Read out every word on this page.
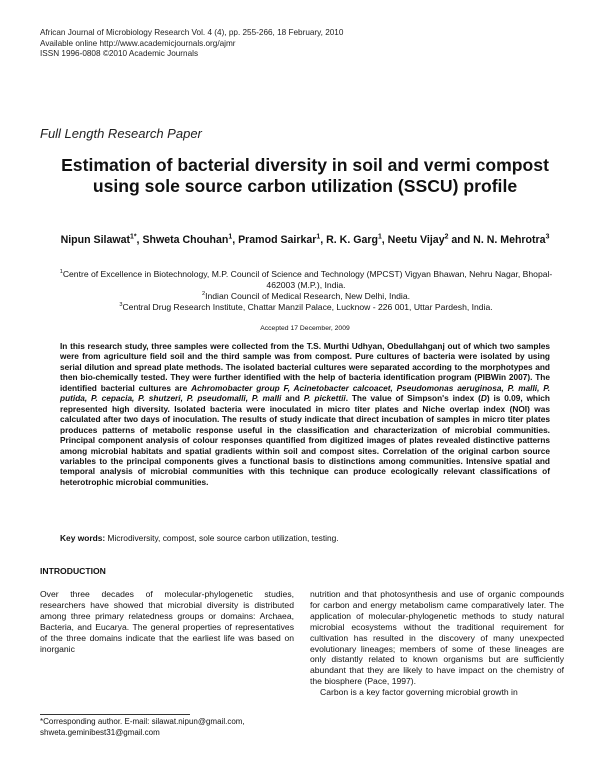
African Journal of Microbiology Research Vol. 4 (4), pp. 255-266, 18 February, 2010
Available online http://www.academicjournals.org/ajmr
ISSN 1996-0808 ©2010 Academic Journals
Full Length Research Paper
Estimation of bacterial diversity in soil and vermi compost using sole source carbon utilization (SSCU) profile
Nipun Silawat$^{1*}$, Shweta Chouhan$^1$, Pramod Sairkar$^1$, R. K. Garg$^1$, Neetu Vijay$^2$ and N. N. Mehrotra$^3$
$^1$Centre of Excellence in Biotechnology, M.P. Council of Science and Technology (MPCST) Vigyan Bhawan, Nehru Nagar, Bhopal-462003 (M.P.), India.
$^2$Indian Council of Medical Research, New Delhi, India.
$^3$Central Drug Research Institute, Chattar Manzil Palace, Lucknow - 226 001, Uttar Pardesh, India.
Accepted 17 December, 2009

In this research study, three samples were collected from the T.S. Murthi Udhyan, Obedullahganj out of which two samples were from agriculture field soil and the third sample was from compost. Pure cultures of bacteria were isolated by using serial dilution and spread plate methods. The isolated bacterial cultures were separated according to the morphotypes and then bio-chemically tested. They were further identified with the help of bacteria identification program (PIBWin 2007). The identified bacterial cultures are Achromobacter group F, Acinetobacter calcoacet, Pseudomonas aeruginosa, P. malli, P. putida, P. cepacia, P. shutzeri, P. pseudomalli, P. malli and P. pickettii. The value of Simpson's index (D) is 0.09, which represented high diversity. Isolated bacteria were inoculated in micro titer plates and Niche overlap index (NOI) was calculated after two days of inoculation. The results of study indicate that direct incubation of samples in micro titer plates produces patterns of metabolic response useful in the classification and characterization of microbial communities. Principal component analysis of colour responses quantified from digitized images of plates revealed distinctive patterns among microbial habitats and spatial gradients within soil and compost sites. Correlation of the original carbon source variables to the principal components gives a functional basis to distinctions among communities. Intensive spatial and temporal analysis of microbial communities with this technique can produce ecologically relevant classifications of heterotrophic microbial communities.

Key words: Microdiversity, compost, sole source carbon utilization, testing.
INTRODUCTION

Over three decades of molecular-phylogenetic studies, researchers have showed that microbial diversity is distributed among three primary relatedness groups or domains: Archaea, Bacteria, and Eucarya. The general properties of representatives of the three domains indicate that the earliest life was based on inorganic

nutrition and that photosynthesis and use of organic compounds for carbon and energy metabolism came comparatively later. The application of molecular-phylogenetic methods to study natural microbial ecosystems without the traditional requirement for cultivation has resulted in the discovery of many unexpected evolutionary lineages; members of some of these lineages are only distantly related to known organisms but are sufficiently abundant that they are likely to have impact on the chemistry of the biosphere (Pace, 1997).

Carbon is a key factor governing microbial growth in

*Corresponding author. E-mail: silawat.nipun@gmail.com,
shweta.geminibest31@gmail.com
